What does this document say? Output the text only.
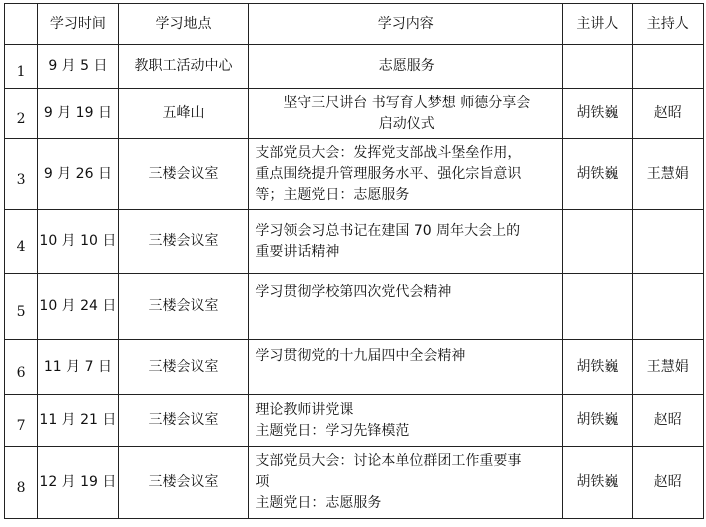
	学习时间	学习地点	学习内容	主讲人	主持人
1	9 月 5 日	教职工活动中心	志愿服务		

2	9 月 19 日	五峰山	坚守三尺讲台 书写育人梦想 师德分享会
启动仪式	胡铁巍	赵昭
3	9 月 26 日	三楼会议室	支部党员大会：发挥党支部战斗堡垒作用，
重点围绕提升管理服务水平、强化宗旨意识
等；主题党日：志愿服务	胡铁巍	王慧娟
4	10 月 10 日	三楼会议室	学习领会习总书记在建国 70 周年大会上的
重要讲话精神		

5	10 月 24 日	三楼会议室	学习贯彻学校第四次党代会精神		

6	11 月 7 日	三楼会议室	学习贯彻党的十九届四中全会精神	胡铁巍	王慧娟
7	11 月 21 日	三楼会议室	理论教师讲党课
主题党日：学习先锋模范	胡铁巍	赵昭
8	12 月 19 日	三楼会议室	支部党员大会：讨论本单位群团工作重要事
项
主题党日：志愿服务	胡铁巍	赵昭
